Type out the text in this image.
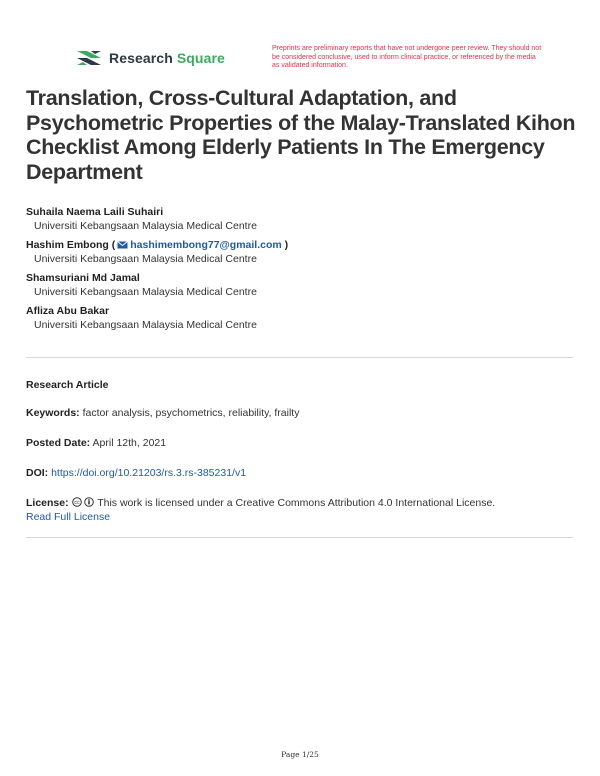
Research Square
Preprints are preliminary reports that have not undergone peer review. They should not be considered conclusive, used to inform clinical practice, or referenced by the media as validated information.
Translation, Cross-Cultural Adaptation, and Psychometric Properties of the Malay-Translated Kihon Checklist Among Elderly Patients In The Emergency Department
Suhaila Naema Laili Suhairi
Universiti Kebangsaan Malaysia Medical Centre
Hashim Embong ( hashimembong77@gmail.com )
Universiti Kebangsaan Malaysia Medical Centre
Shamsuriani Md Jamal
Universiti Kebangsaan Malaysia Medical Centre
Afliza Abu Bakar
Universiti Kebangsaan Malaysia Medical Centre
Research Article
Keywords: factor analysis, psychometrics, reliability, frailty
Posted Date: April 12th, 2021
DOI: https://doi.org/10.21203/rs.3.rs-385231/v1
License: cc This work is licensed under a Creative Commons Attribution 4.0 International License.
Read Full License
Page 1/25
